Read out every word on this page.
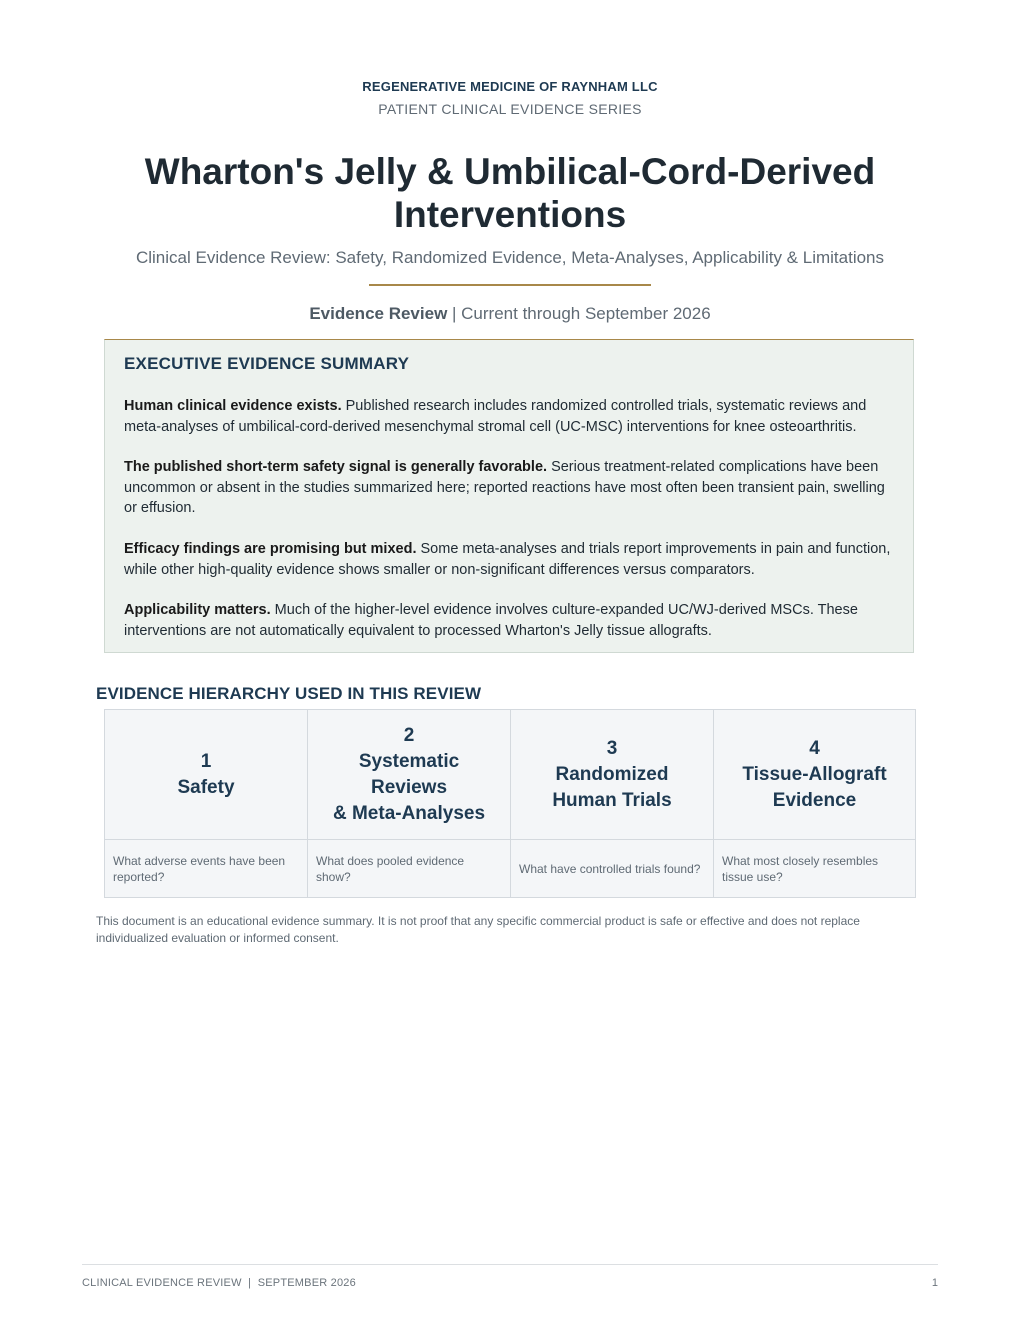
REGENERATIVE MEDICINE OF RAYNHAM LLC
PATIENT CLINICAL EVIDENCE SERIES
Wharton's Jelly & Umbilical-Cord-Derived Interventions
Clinical Evidence Review: Safety, Randomized Evidence, Meta-Analyses, Applicability & Limitations
Evidence Review | Current through September 2026
EXECUTIVE EVIDENCE SUMMARY

Human clinical evidence exists. Published research includes randomized controlled trials, systematic reviews and meta-analyses of umbilical-cord-derived mesenchymal stromal cell (UC-MSC) interventions for knee osteoarthritis.

The published short-term safety signal is generally favorable. Serious treatment-related complications have been uncommon or absent in the studies summarized here; reported reactions have most often been transient pain, swelling or effusion.

Efficacy findings are promising but mixed. Some meta-analyses and trials report improvements in pain and function, while other high-quality evidence shows smaller or non-significant differences versus comparators.

Applicability matters. Much of the higher-level evidence involves culture-expanded UC/WJ-derived MSCs. These interventions are not automatically equivalent to processed Wharton's Jelly tissue allografts.

EVIDENCE HIERARCHY USED IN THIS REVIEW
1
Safety
2
Systematic
Reviews
& Meta-Analyses
3
Randomized
Human Trials
4
Tissue-Allograft
Evidence
What adverse events have been reported?
What does pooled evidence show?
What have controlled trials found?
What most closely resembles tissue use?

This document is an educational evidence summary. It is not proof that any specific commercial product is safe or effective and does not replace individualized evaluation or informed consent.

CLINICAL EVIDENCE REVIEW  |  SEPTEMBER 2026	1
